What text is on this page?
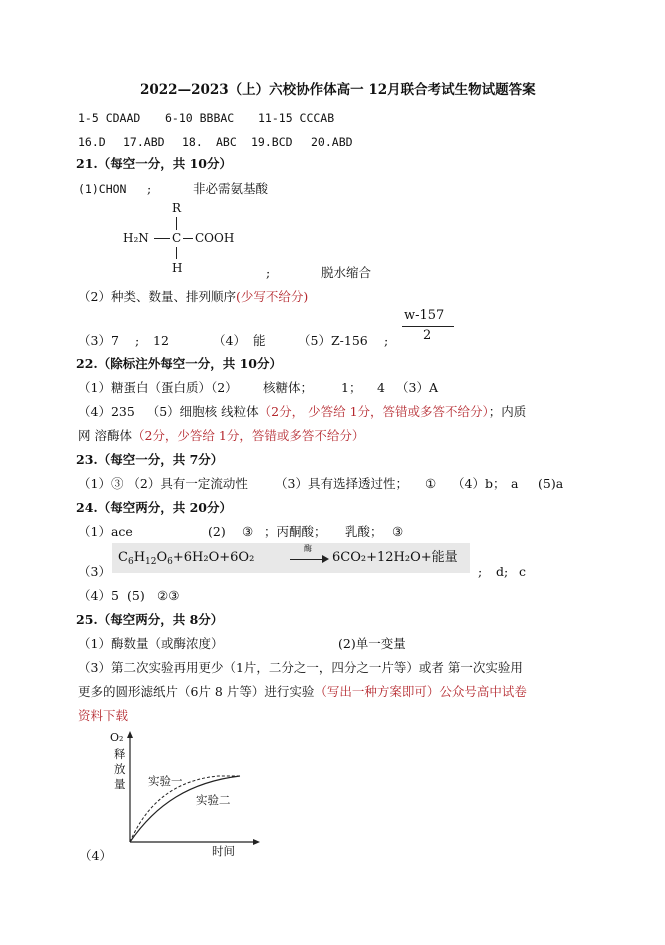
2022—2023（上）六校协作体高一 12月联合考试生物试题答案
1-5 CDAAD 6-10 BBBAC 11-15 CCCAB
16.D 17.ABD 18. ABC 19.BCD 20.ABD
21.（每空一分，共 10分）
(1)CHON ;	非必需氨基酸
R
H₂N C COOH
H	;	脱水缩合
（2）种类、数量、排列顺序(少写不给分)
（3）7 ; 12	（4） 能	（5）Z-156 ;
w-157
2
22.（除标注外每空一分，共 10分）
（1）糖蛋白（蛋白质）（2） 核糖体； 1； 4 （3）A
（4）235 （5）细胞核 线粒体（2分， 少答给 1分，答错或多答不给分）；内质
网 溶酶体（2分，少答给 1分，答错或多答不给分）
23.（每空一分，共 7分）
（1）③ （2）具有一定流动性 （3）具有选择透过性； ① （4）b； a (5)a
24.（每空两分，共 20分）
（1）ace	(2) ③ ；丙酮酸； 乳酸； ③
（3）
$C_6H_{12}O_6+6H_2O+6O_2$
酶
6CO₂+12H₂O+能量
; d; c
（4）5 (5) ②③
25.（每空两分，共 8分）
（1）酶数量（或酶浓度）	(2)单一变量
（3）第二次实验再用更少（1片，二分之一，四分之一片等）或者 第一次实验用
更多的圆形滤纸片（6片 8 片等）进行实验（写出一种方案即可）公众号高中试卷
资料下载
（4）
O₂
释
放
量 实验一
实验二
时间
